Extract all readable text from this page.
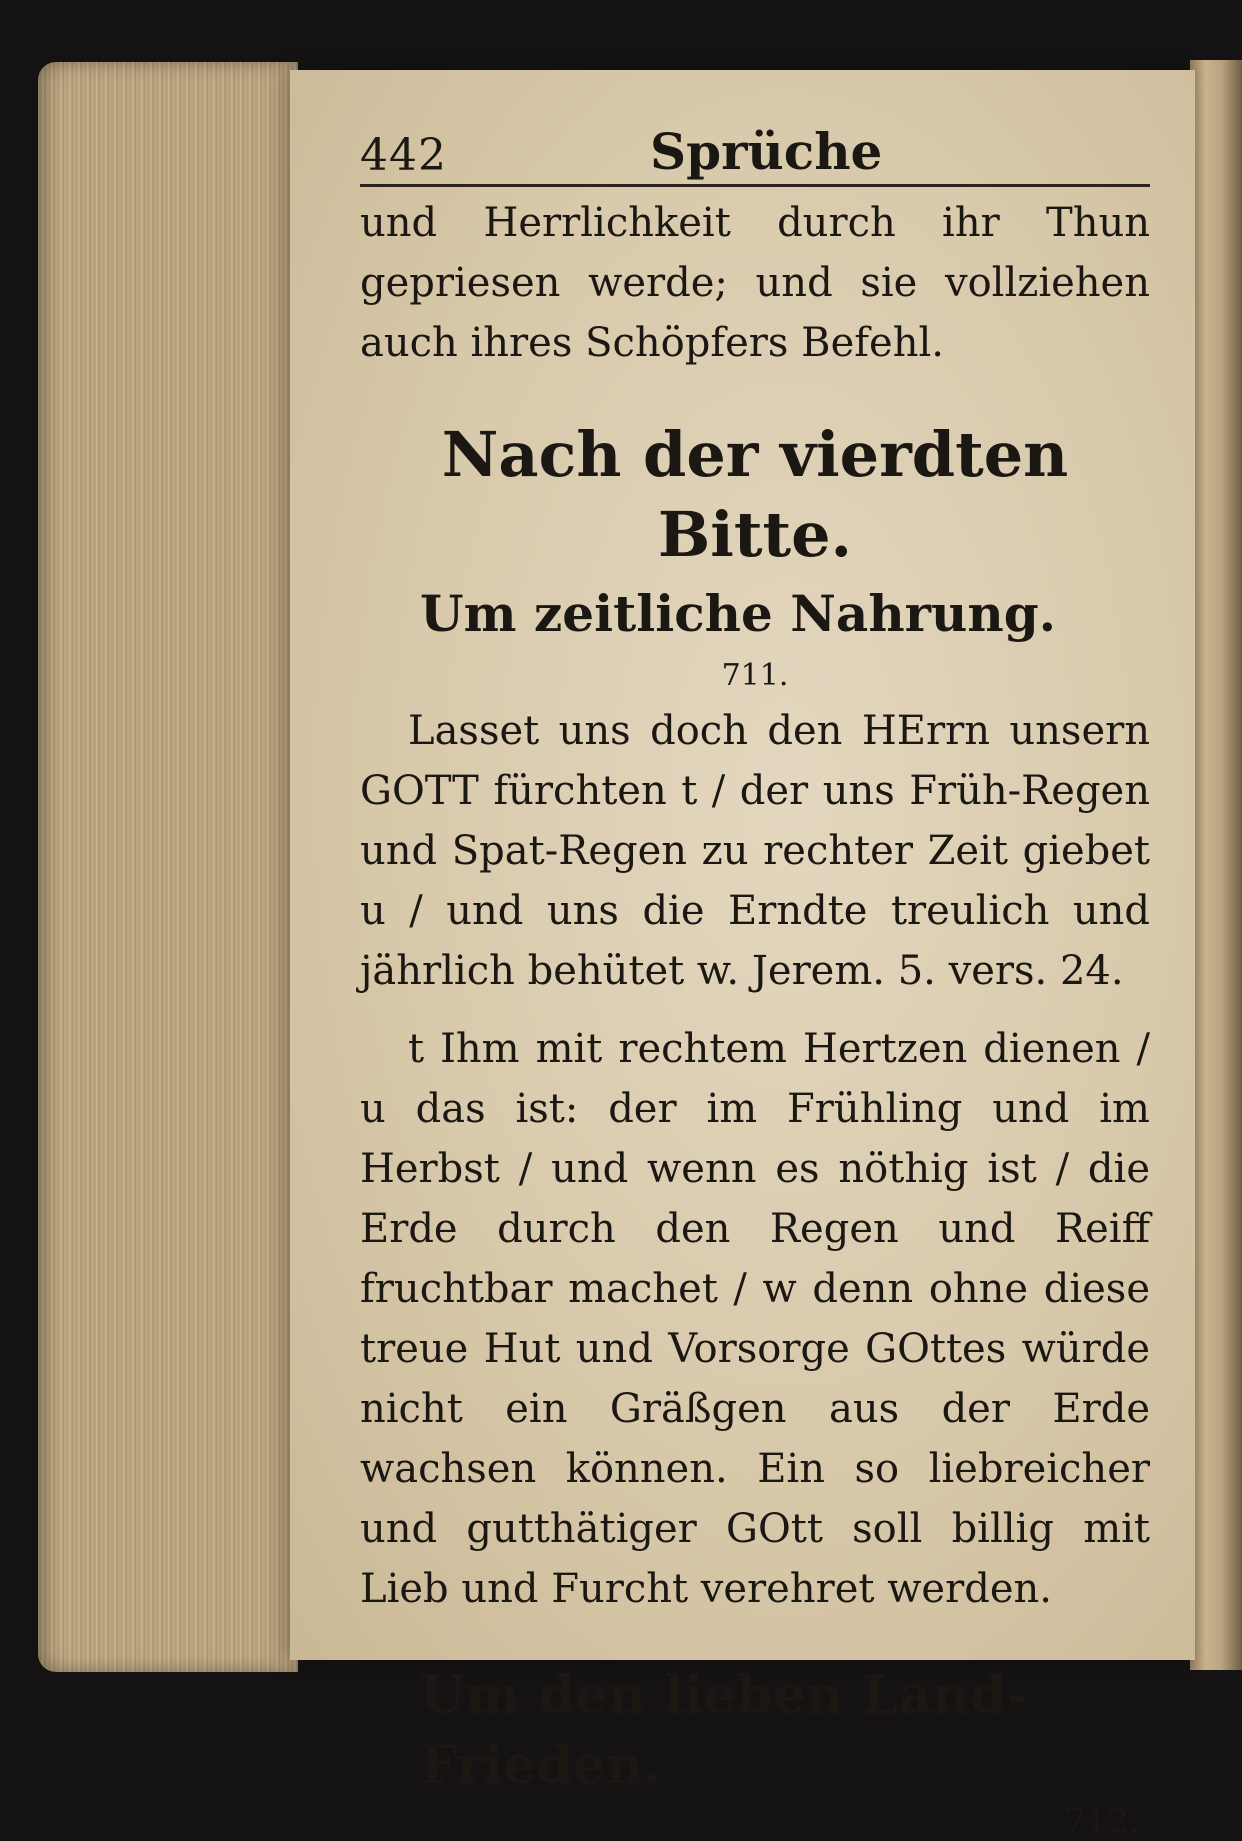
442	Sprüche

und Herrlichkeit durch ihr Thun gepriesen werde; und sie vollziehen auch ihres Schöpfers Befehl.

Nach der vierdten Bitte.
Um zeitliche Nahrung.

711.

Lasset uns doch den HErrn unsern GOTT fürchten t / der uns Früh-Regen und Spat-Regen zu rechter Zeit giebet u / und uns die Erndte treulich und jährlich behütet w. Jerem. 5. vers. 24.

t Ihm mit rechtem Hertzen dienen / u das ist: der im Frühling und im Herbst / und wenn es nöthig ist / die Erde durch den Regen und Reiff fruchtbar machet / w denn ohne diese treue Hut und Vorsorge GOttes würde nicht ein Gräßgen aus der Erde wachsen können. Ein so liebreicher und gutthätiger GOtt soll billig mit Lieb und Furcht verehret werden.

Um den lieben Land-Frieden.

712.
